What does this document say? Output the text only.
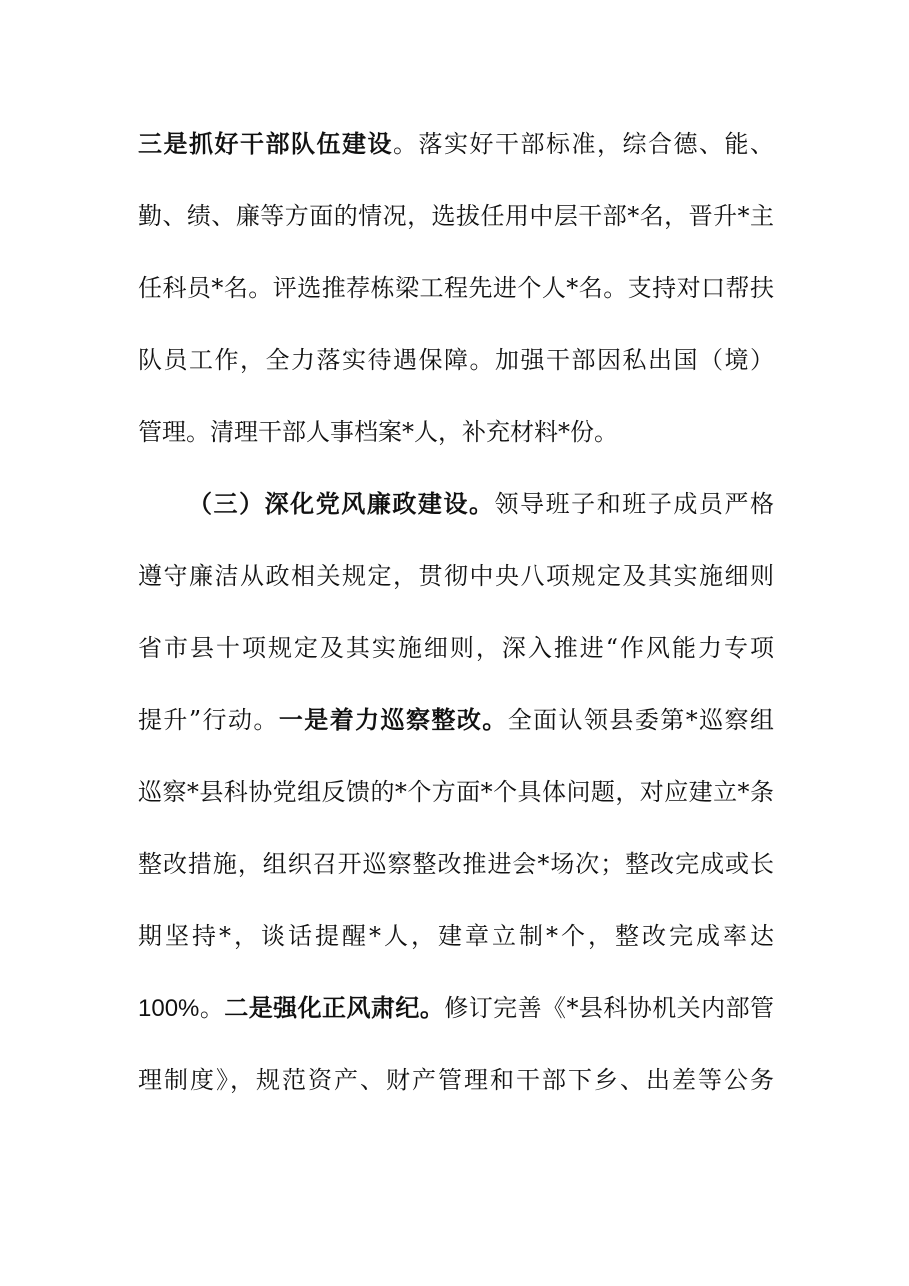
三是抓好干部队伍建设。落实好干部标准，综合德、能、
勤、绩、廉等方面的情况，选拔任用中层干部*名，晋升*主
任科员*名。评选推荐栋梁工程先进个人*名。支持对口帮扶
队员工作，全力落实待遇保障。加强干部因私出国（境）
管理。清理干部人事档案*人，补充材料*份。
（三）深化党风廉政建设。领导班子和班子成员严格
遵守廉洁从政相关规定，贯彻中央八项规定及其实施细则
省市县十项规定及其实施细则，深入推进“作风能力专项
提升”行动。一是着力巡察整改。全面认领县委第*巡察组
巡察*县科协党组反馈的*个方面*个具体问题，对应建立*条
整改措施，组织召开巡察整改推进会*场次；整改完成或长
期坚持*，谈话提醒*人，建章立制*个，整改完成率达
100%。二是强化正风肃纪。修订完善《*县科协机关内部管
理制度》，规范资产、财产管理和干部下乡、出差等公务
